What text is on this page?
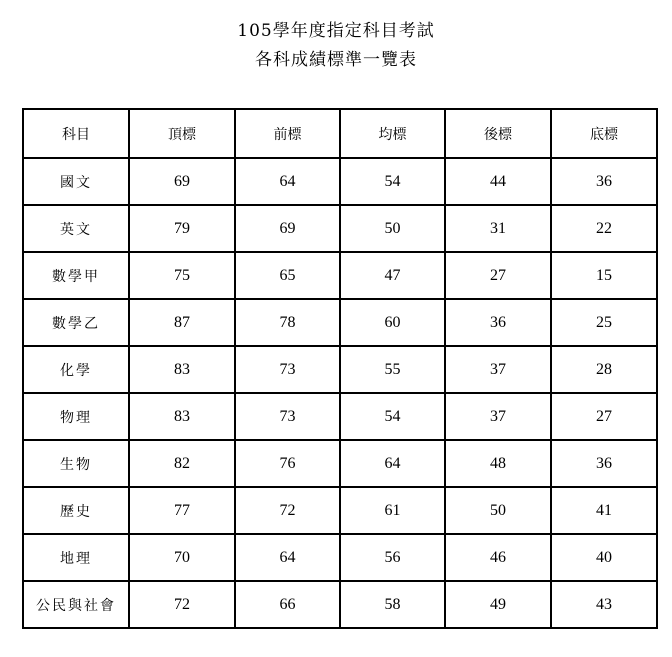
105學年度指定科目考試
各科成績標準一覽表
科目	頂標	前標	均標	後標	底標
國文	69	64	54	44	36
英文	79	69	50	31	22
數學甲	75	65	47	27	15
數學乙	87	78	60	36	25
化學	83	73	55	37	28
物理	83	73	54	37	27
生物	82	76	64	48	36
歷史	77	72	61	50	41
地理	70	64	56	46	40
公民與社會	72	66	58	49	43
